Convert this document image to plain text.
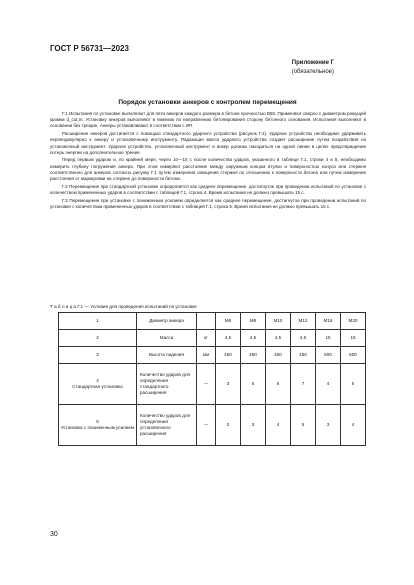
ГОСТ Р 56731—2023
Приложение Г
(обязательное)
Порядок установки анкеров с контролем перемещения

Г.1 Испытания по установке выполняют для пяти анкеров каждого размера в бетоне прочностью В60. Применяют сверло с диаметром режущей кромки d_cut,m. Установку анкеров выполняют в нижнюю по направлению бетонирования сторону бетонного основания. Испытания выполняют в основании без трещин. Анкеры устанавливают в соответствии с ИП.

Расширение анкеров достигается с помощью стандартного ударного устройства (рисунок Г.2). Ударное устройство необходимо удерживать перпендикулярно к анкеру и установочному инструменту. Падающая масса ударного устройства создает расширение путем воздействия на установочный инструмент. Ударное устройство, установочный инструмент и анкер должны находиться на одной линии в целях предотвращения потерь энергии на дополнительное трение.

Перед первым ударом и, по крайней мере, через 10—15 с после количества ударов, указанного в таблице Г.1, строки 4 и 5, необходимо измерить глубину погружения анкера. При этом измеряют расстояние между наружным концом втулки и поверхностью конуса или стержня соответственно для анкеров согласно рисунку Г.1 путем измерения смещения стержня по отношению к поверхности бетона или путем измерения расстояния от маркировки на стержне до поверхности бетона.

Г.2 Перемещение при стандартной установке определяется как среднее перемещение, достигнутое при проведении испытаний по установке с количеством примененных ударов в соответствии с таблицей Г.1, строка 4. Время испытания не должно превышать 15 с.

Г.3 Перемещение при установке с пониженным усилием определяется как среднее перемещение, достигнутое при проведении испытаний по установке с количеством примененных ударов в соответствии с таблицей Г.1, строка 5. Время испытания не должно превышать 15 с.

Т а б л и ц а Г.1 — Условия для проведения испытаний по установке
1	Диаметр анкера		M6	M8	M10	M12	M16	M20
2	Масса	кг	4,5	4,5	4,5	4,5	15	15
3	Высота падения	мм	450	450	450	450	600	600

4
Стандартная установка	Количество ударов для определения стандартного расширения	—	3	5	6	7	4	5

5
Установка с пониженным усилием	Количество ударов для определения установочного расширения	—	2	3	4	5	3	4
30
